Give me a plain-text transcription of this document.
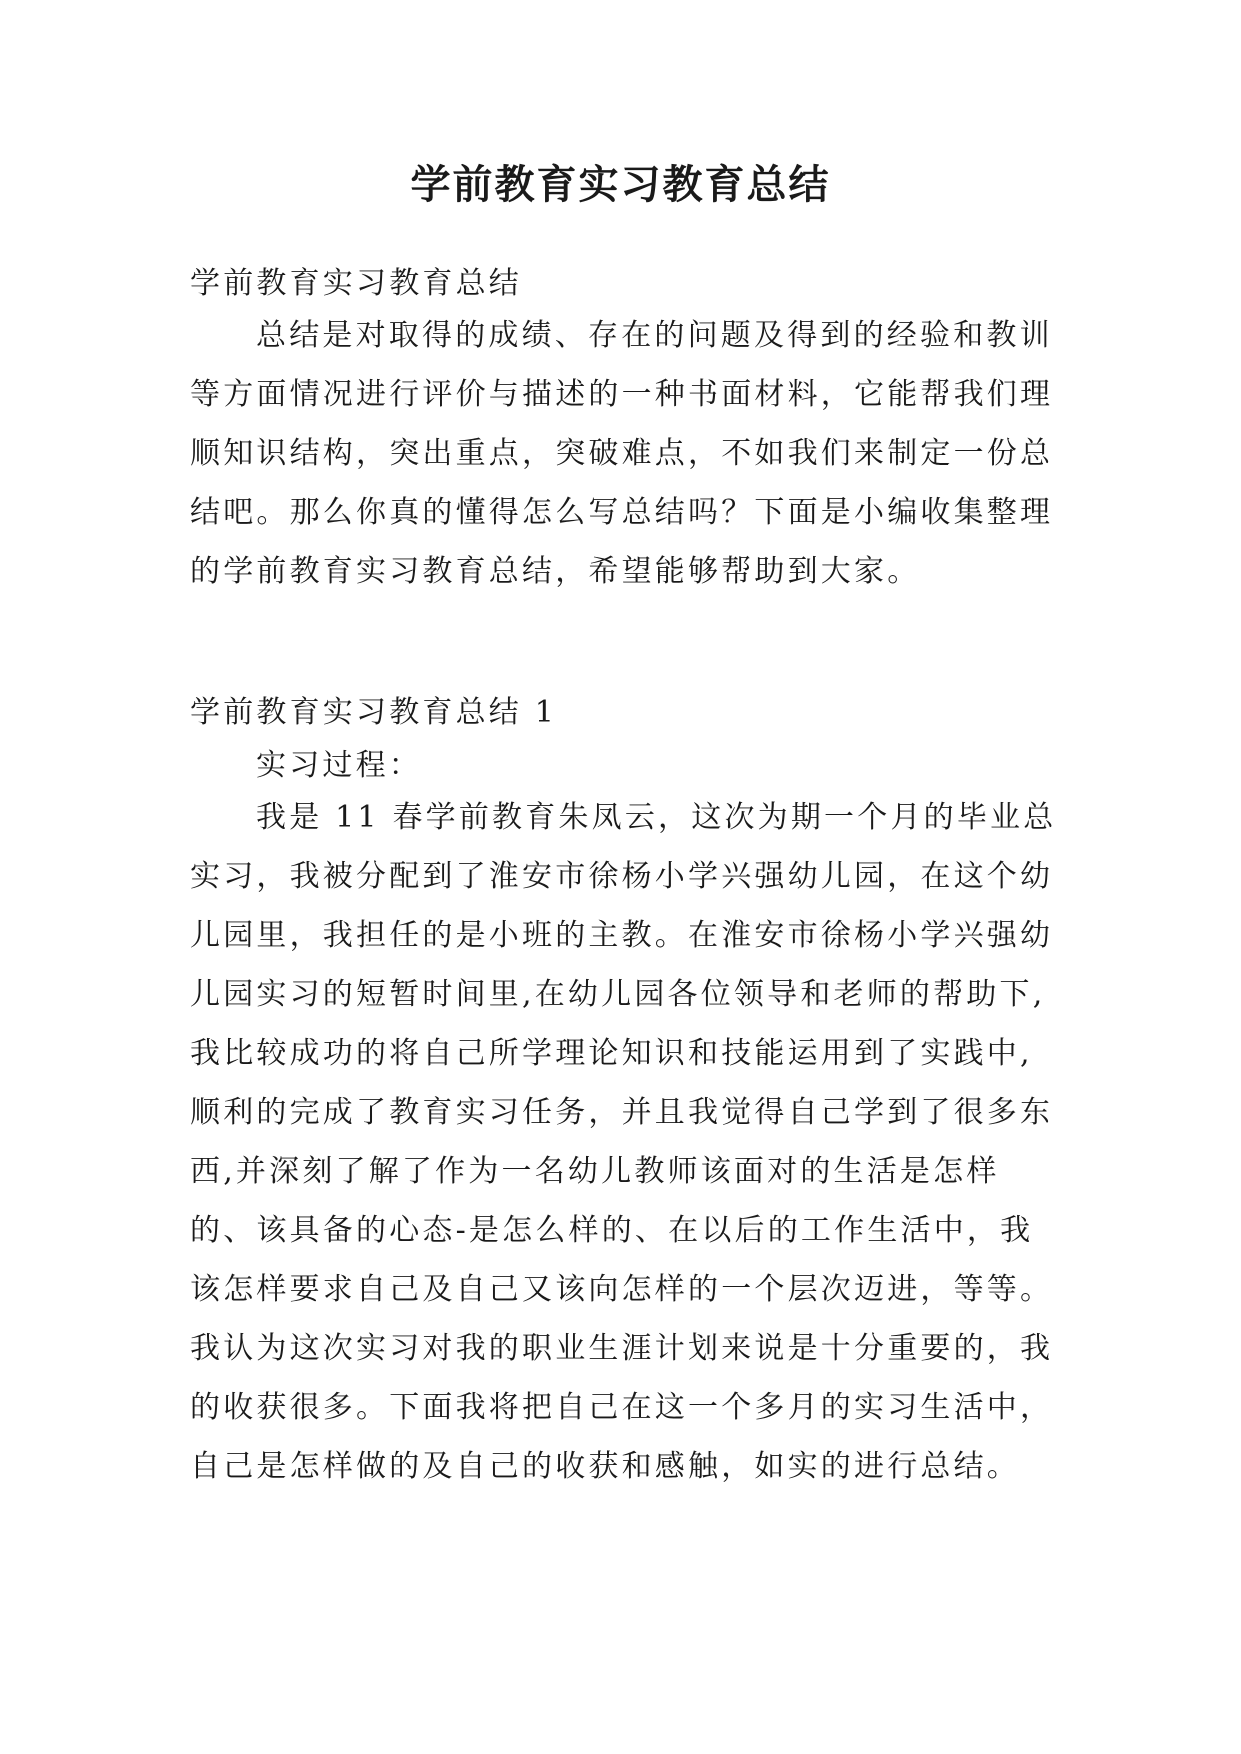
学前教育实习教育总结

学前教育实习教育总结

总结是对取得的成绩、存在的问题及得到的经验和教训等方面情况进行评价与描述的一种书面材料，它能帮我们理顺知识结构，突出重点，突破难点，不如我们来制定一份总结吧。那么你真的懂得怎么写总结吗？下面是小编收集整理的学前教育实习教育总结，希望能够帮助到大家。

学前教育实习教育总结 1

实习过程：

我是 11 春学前教育朱凤云，这次为期一个月的毕业总实习，我被分配到了淮安市徐杨小学兴强幼儿园，在这个幼儿园里，我担任的是小班的主教。在淮安市徐杨小学兴强幼儿园实习的短暂时间里,在幼儿园各位领导和老师的帮助下,我比较成功的将自己所学理论知识和技能运用到了实践中,顺利的完成了教育实习任务，并且我觉得自己学到了很多东西,并深刻了解了作为一名幼儿教师该面对的生活是怎样的、该具备的心态-是怎么样的、在以后的工作生活中，我该怎样要求自己及自己又该向怎样的一个层次迈进，等等。我认为这次实习对我的职业生涯计划来说是十分重要的，我的收获很多。下面我将把自己在这一个多月的实习生活中，自己是怎样做的及自己的收获和感触，如实的进行总结。
